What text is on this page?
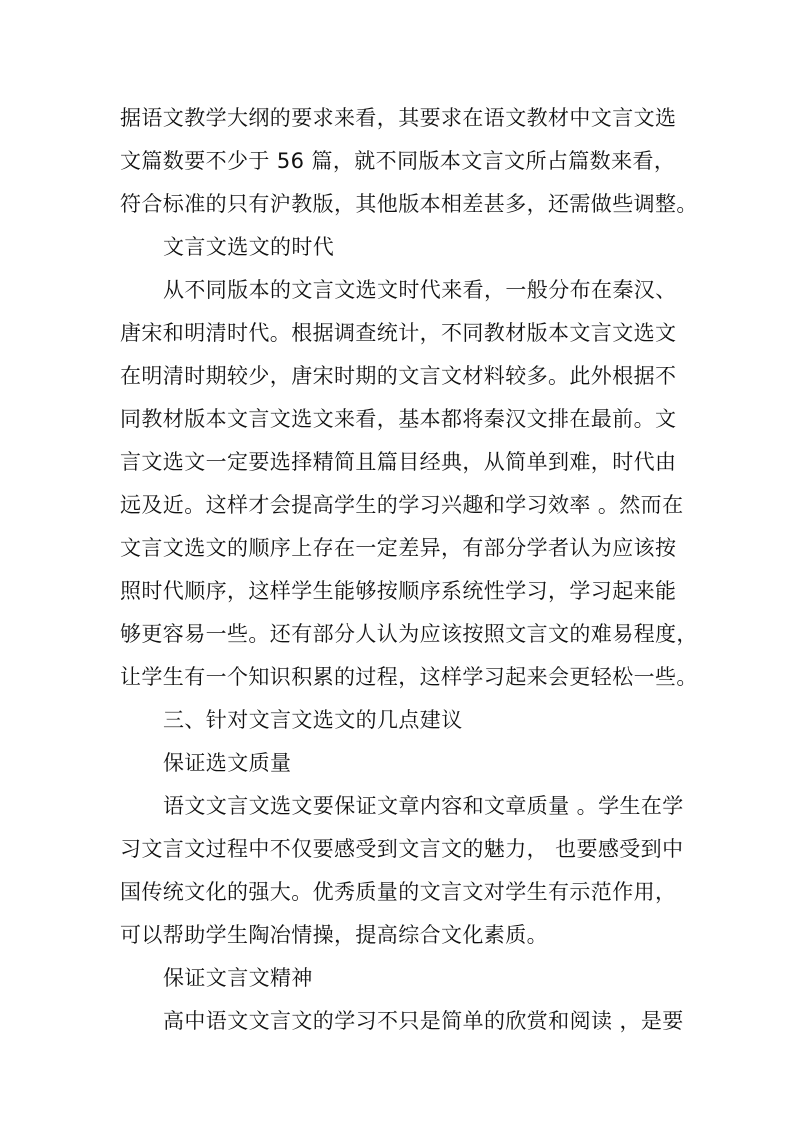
据语文教学大纲的要求来看，其要求在语文教材中文言文选
文篇数要不少于 56 篇，就不同版本文言文所占篇数来看，
符合标准的只有沪教版，其他版本相差甚多，还需做些调整。
文言文选文的时代
从不同版本的文言文选文时代来看，一般分布在秦汉、
唐宋和明清时代。根据调查统计，不同教材版本文言文选文
在明清时期较少，唐宋时期的文言文材料较多。此外根据不
同教材版本文言文选文来看，基本都将秦汉文排在最前。文
言文选文一定要选择精简且篇目经典，从简单到难，时代由
远及近。这样才会提高学生的学习兴趣和学习效率 。然而在
文言文选文的顺序上存在一定差异，有部分学者认为应该按
照时代顺序，这样学生能够按顺序系统性学习，学习起来能
够更容易一些。还有部分人认为应该按照文言文的难易程度，
让学生有一个知识积累的过程，这样学习起来会更轻松一些。
三、针对文言文选文的几点建议
保证选文质量
语文文言文选文要保证文章内容和文章质量 。学生在学
习文言文过程中不仅要感受到文言文的魅力， 也要感受到中
国传统文化的强大。优秀质量的文言文对学生有示范作用，
可以帮助学生陶冶情操，提高综合文化素质。
保证文言文精神
高中语文文言文的学习不只是简单的欣赏和阅读 ，是要
